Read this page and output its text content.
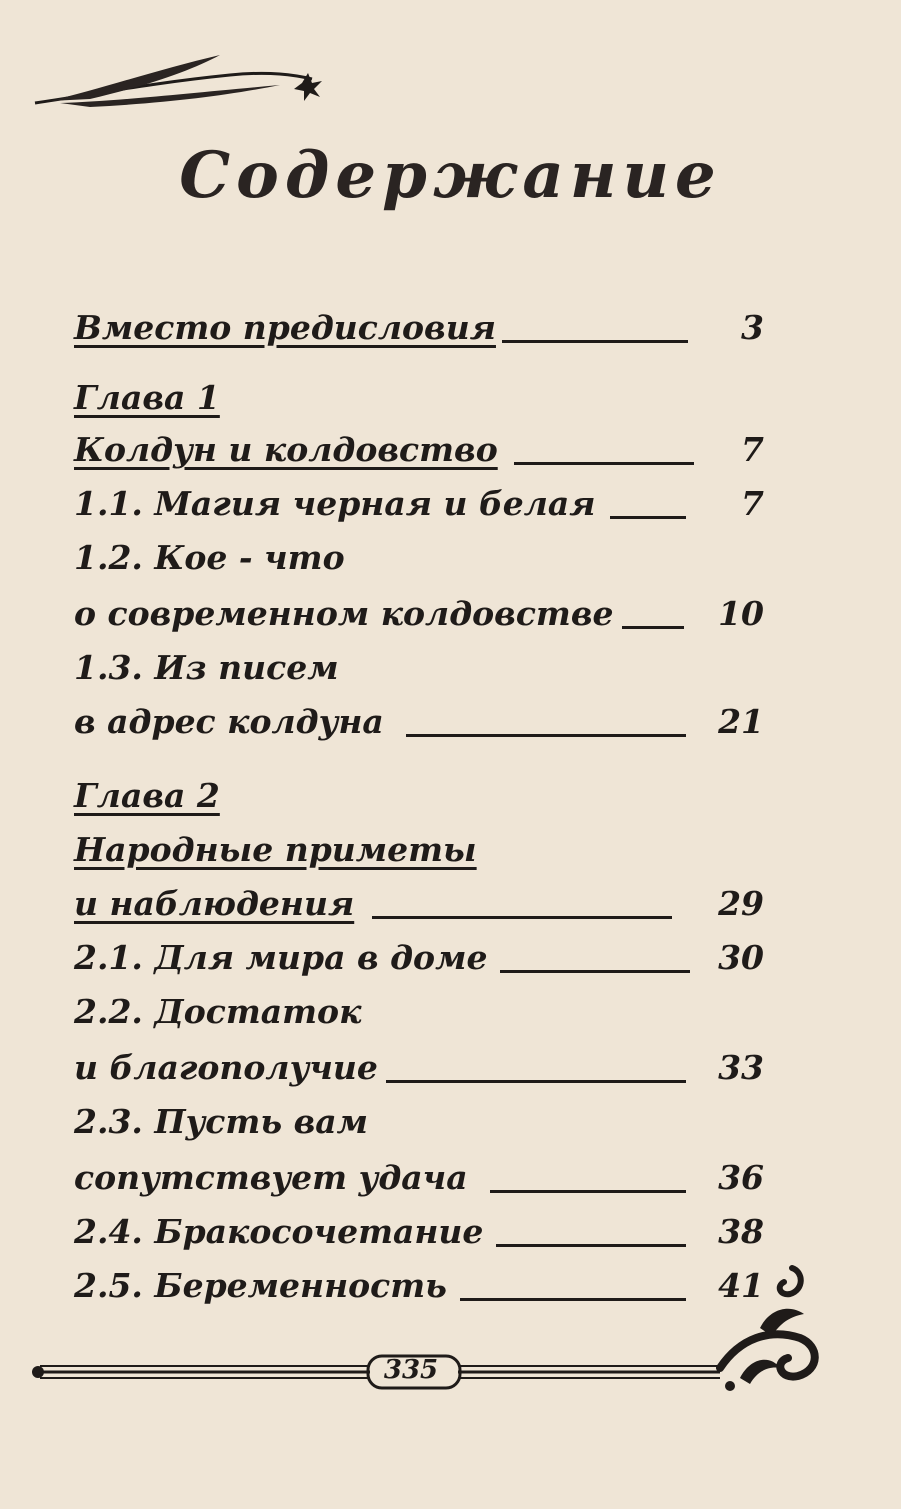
Содержание
Вместо предисловия	3
Глава 1
Колдун и колдовство	7
1.1. Магия черная и белая	7
1.2. Кое - что
о современном колдовстве	10
1.3. Из писем
в адрес колдуна	21
Глава 2
Народные приметы
и наблюдения	29
2.1. Для мира в доме	30
2.2. Достаток
и благополучие	33
2.3. Пусть вам
сопутствует удача	36
2.4. Бракосочетание	38
2.5. Беременность	41
335
